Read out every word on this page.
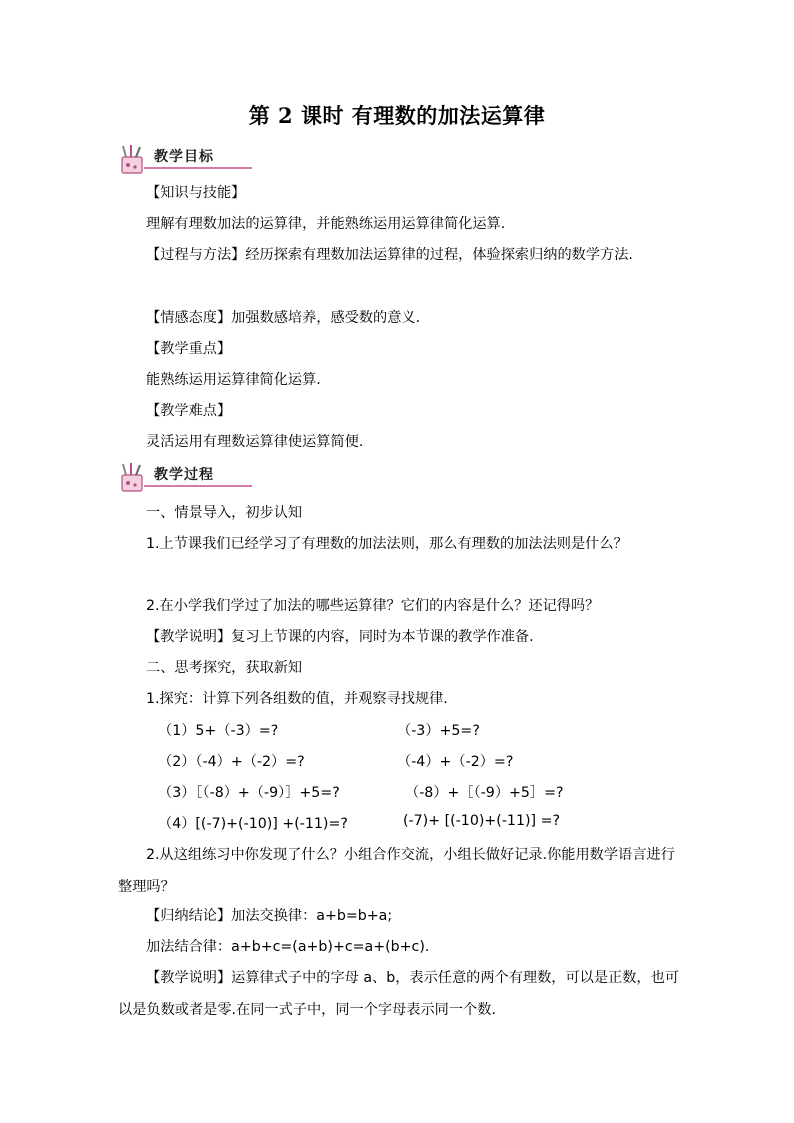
第 2 课时 有理数的加法运算律
教学目标
【知识与技能】
理解有理数加法的运算律，并能熟练运用运算律简化运算.
【过程与方法】经历探索有理数加法运算律的过程，体验探索归纳的数学方法.
【情感态度】加强数感培养，感受数的意义.
【教学重点】
能熟练运用运算律简化运算.
【教学难点】
灵活运用有理数运算律使运算简便.
教学过程
一、情景导入，初步认知
1.上节课我们已经学习了有理数的加法法则，那么有理数的加法法则是什么？
2.在小学我们学过了加法的哪些运算律？它们的内容是什么？还记得吗？
【教学说明】复习上节课的内容，同时为本节课的教学作准备.
二、思考探究，获取新知
1.探究：计算下列各组数的值，并观察寻找规律.
（1）5+（-3）=?	（-3）+5=?
（2）（-4）+（-2）=?	（-4）+（-2）=?
（3）［（-8）+（-9）］+5=?	（-8）+［（-9）+5］=?
（4）[(-7)+(-10)] +(-11)=?	(-7)+ [(-10)+(-11)] =?
2.从这组练习中你发现了什么？小组合作交流，小组长做好记录.你能用数学语言进行整理吗？
【归纳结论】加法交换律：a+b=b+a;
加法结合律：a+b+c=(a+b)+c=a+(b+c).
【教学说明】运算律式子中的字母 a、b，表示任意的两个有理数，可以是正数，也可以是负数或者是零.在同一式子中，同一个字母表示同一个数.
